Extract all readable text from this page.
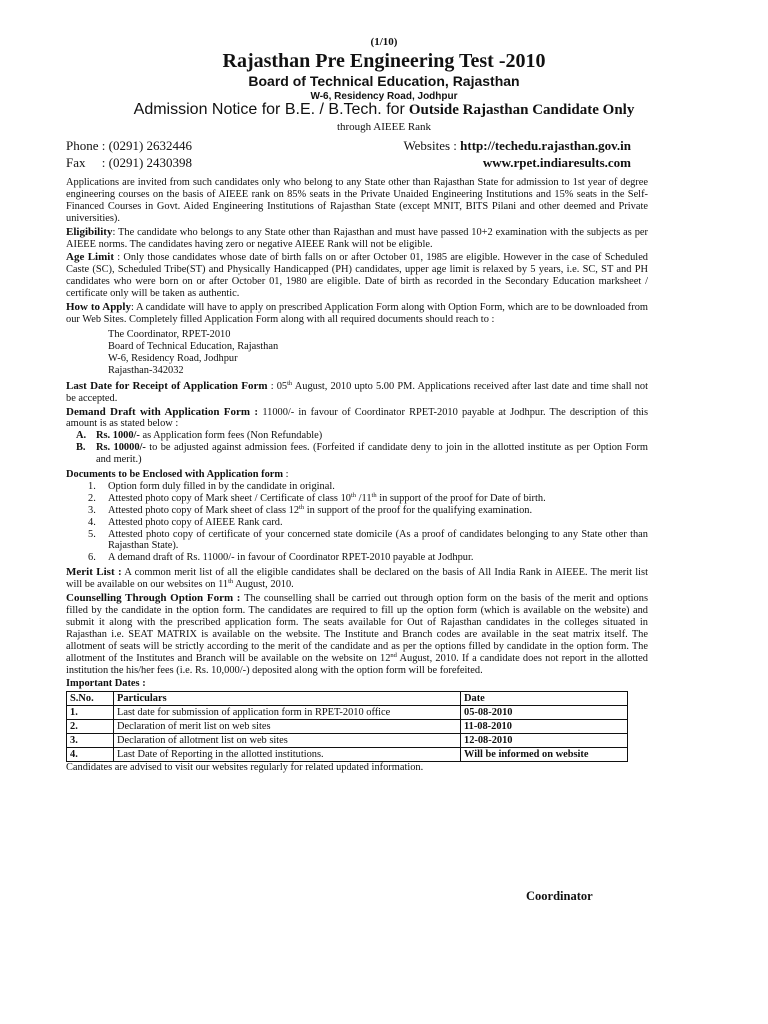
(1/10)
Rajasthan Pre Engineering Test -2010
Board of Technical Education, Rajasthan
W-6, Residency Road, Jodhpur
Admission Notice for B.E. / B.Tech. for Outside Rajasthan Candidate Only
through AIEEE Rank
Phone : (0291) 2632446	Websites : http://techedu.rajasthan.gov.in
Fax     : (0291) 2430398	www.rpet.indiaresults.com

Applications are invited from such candidates only who belong to any State other than Rajasthan State for admission to 1st year of degree engineering courses on the basis of AIEEE rank on 85% seats in the Private Unaided Engineering Institutions and 15% seats in the Self-Financed Courses in Govt. Aided Engineering Institutions of Rajasthan State (except MNIT, BITS Pilani and other deemed and Private universities).

Eligibility: The candidate who belongs to any State other than Rajasthan and must have passed 10+2 examination with the subjects as per AIEEE norms. The candidates having zero or negative AIEEE Rank will not be eligible.

Age Limit : Only those candidates whose date of birth falls on or after October 01, 1985 are eligible. However in the case of Scheduled Caste (SC), Scheduled Tribe(ST) and Physically Handicapped (PH) candidates, upper age limit is relaxed by 5 years, i.e. SC, ST and PH candidates who were born on or after October 01, 1980 are eligible. Date of birth as recorded in the Secondary Education marksheet / certificate only will be taken as authentic.

How to Apply: A candidate will have to apply on prescribed Application Form along with Option Form, which are to be downloaded from our Web Sites. Completely filled Application Form along with all required documents should reach to :

The Coordinator, RPET-2010
Board of Technical Education, Rajasthan
W-6, Residency Road, Jodhpur
Rajasthan-342032

Last Date for Receipt of Application Form : 05th August, 2010 upto 5.00 PM. Applications received after last date and time shall not be accepted.

Demand Draft with Application Form : 11000/- in favour of Coordinator RPET-2010 payable at Jodhpur. The description of this amount is as stated below :

A. Rs. 1000/- as Application form fees (Non Refundable)
B. Rs. 10000/- to be adjusted against admission fees. (Forfeited if candidate deny to join in the allotted institute as per Option Form and merit.)

Documents to be Enclosed with Application form :

1. Option form duly filled in by the candidate in original.
2. Attested photo copy of Mark sheet / Certificate of class 10th /11th in support of the proof for Date of birth.
3. Attested photo copy of Mark sheet of class 12th in support of the proof for the qualifying examination.
4. Attested photo copy of AIEEE Rank card.
5. Attested photo copy of certificate of your concerned state domicile (As a proof of candidates belonging to any State other than Rajasthan State).
6. A demand draft of Rs. 11000/- in favour of Coordinator RPET-2010 payable at Jodhpur.

Merit List : A common merit list of all the eligible candidates shall be declared on the basis of All India Rank in AIEEE. The merit list will be available on our websites on 11th August, 2010.

Counselling Through Option Form : The counselling shall be carried out through option form on the basis of the merit and options filled by the candidate in the option form. The candidates are required to fill up the option form (which is available on the website) and submit it along with the prescribed application form. The seats available for Out of Rajasthan candidates in the colleges situated in Rajasthan i.e. SEAT MATRIX is available on the website. The Institute and Branch codes are available in the seat matrix itself. The allotment of seats will be strictly according to the merit of the candidate and as per the options filled by candidate in the option form. The allotment of the Institutes and Branch will be available on the website on 12nd August, 2010. If a candidate does not report in the allotted institution the his/her fees (i.e. Rs. 10,000/-) deposited along with the option form will be forefeited.

Important Dates :

S.No.	Particulars	Date
1.	Last date for submission of application form in RPET-2010 office	05-08-2010
2.	Declaration of merit list on web sites	11-08-2010
3.	Declaration of allotment list on web sites	12-08-2010
4.	Last Date of Reporting in the allotted institutions.	Will be informed on website

Candidates are advised to visit our websites regularly for related updated information.

Coordinator
